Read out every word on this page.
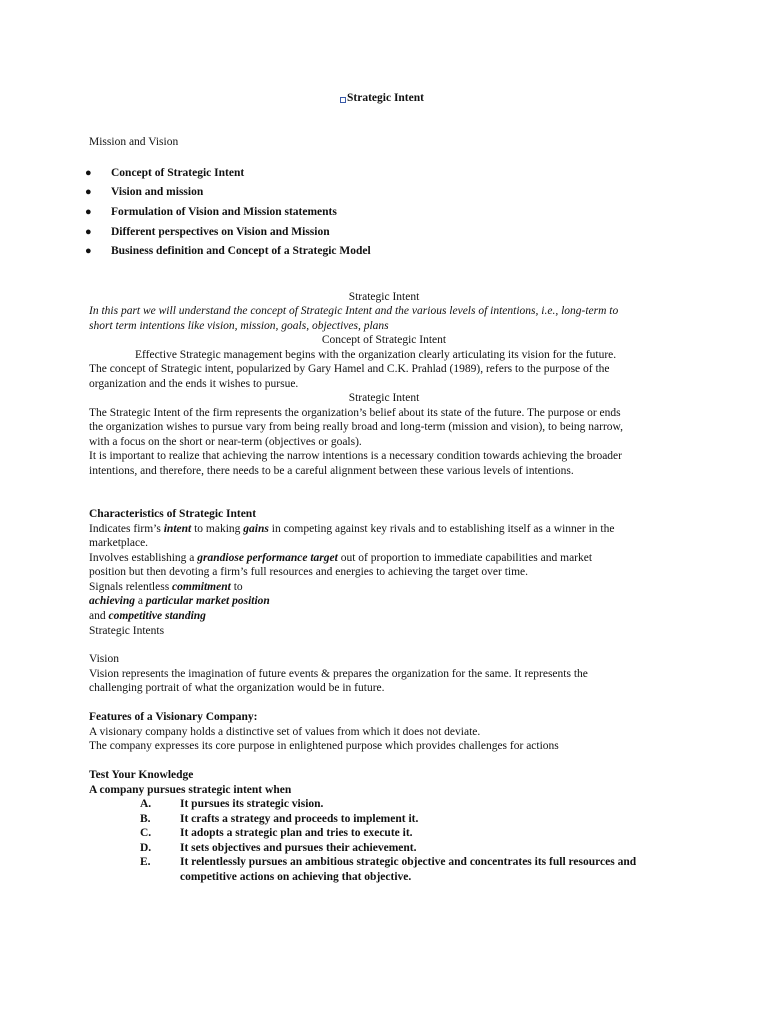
Strategic Intent
Mission and Vision
● Concept of Strategic Intent
● Vision and mission
● Formulation of Vision and Mission statements
● Different perspectives on Vision and Mission
● Business definition and Concept of a Strategic Model
Strategic Intent
In this part we will understand the concept of Strategic Intent and the various levels of intentions, i.e., long-term to
short term intentions like vision, mission, goals, objectives, plans
Concept of Strategic Intent
Effective Strategic management begins with the organization clearly articulating its vision for the future.
The concept of Strategic intent, popularized by Gary Hamel and C.K. Prahlad (1989), refers to the purpose of the
organization and the ends it wishes to pursue.
Strategic Intent
The Strategic Intent of the firm represents the organization’s belief about its state of the future. The purpose or ends
the organization wishes to pursue vary from being really broad and long-term (mission and vision), to being narrow,
with a focus on the short or near-term (objectives or goals).
It is important to realize that achieving the narrow intentions is a necessary condition towards achieving the broader
intentions, and therefore, there needs to be a careful alignment between these various levels of intentions.
Characteristics of Strategic Intent
Indicates firm’s intent to making gains in competing against key rivals and to establishing itself as a winner in the
marketplace.
Involves establishing a grandiose performance target out of proportion to immediate capabilities and market
position but then devoting a firm’s full resources and energies to achieving the target over time.
Signals relentless commitment to
achieving a particular market position
and competitive standing
Strategic Intents
Vision
Vision represents the imagination of future events & prepares the organization for the same. It represents the
challenging portrait of what the organization would be in future.
Features of a Visionary Company:
A visionary company holds a distinctive set of values from which it does not deviate.
The company expresses its core purpose in enlightened purpose which provides challenges for actions
Test Your Knowledge
A company pursues strategic intent when
A.	It pursues its strategic vision.
B.	It crafts a strategy and proceeds to implement it.
C.	It adopts a strategic plan and tries to execute it.
D.	It sets objectives and pursues their achievement.
E.	It relentlessly pursues an ambitious strategic objective and concentrates its full resources and
competitive actions on achieving that objective.
